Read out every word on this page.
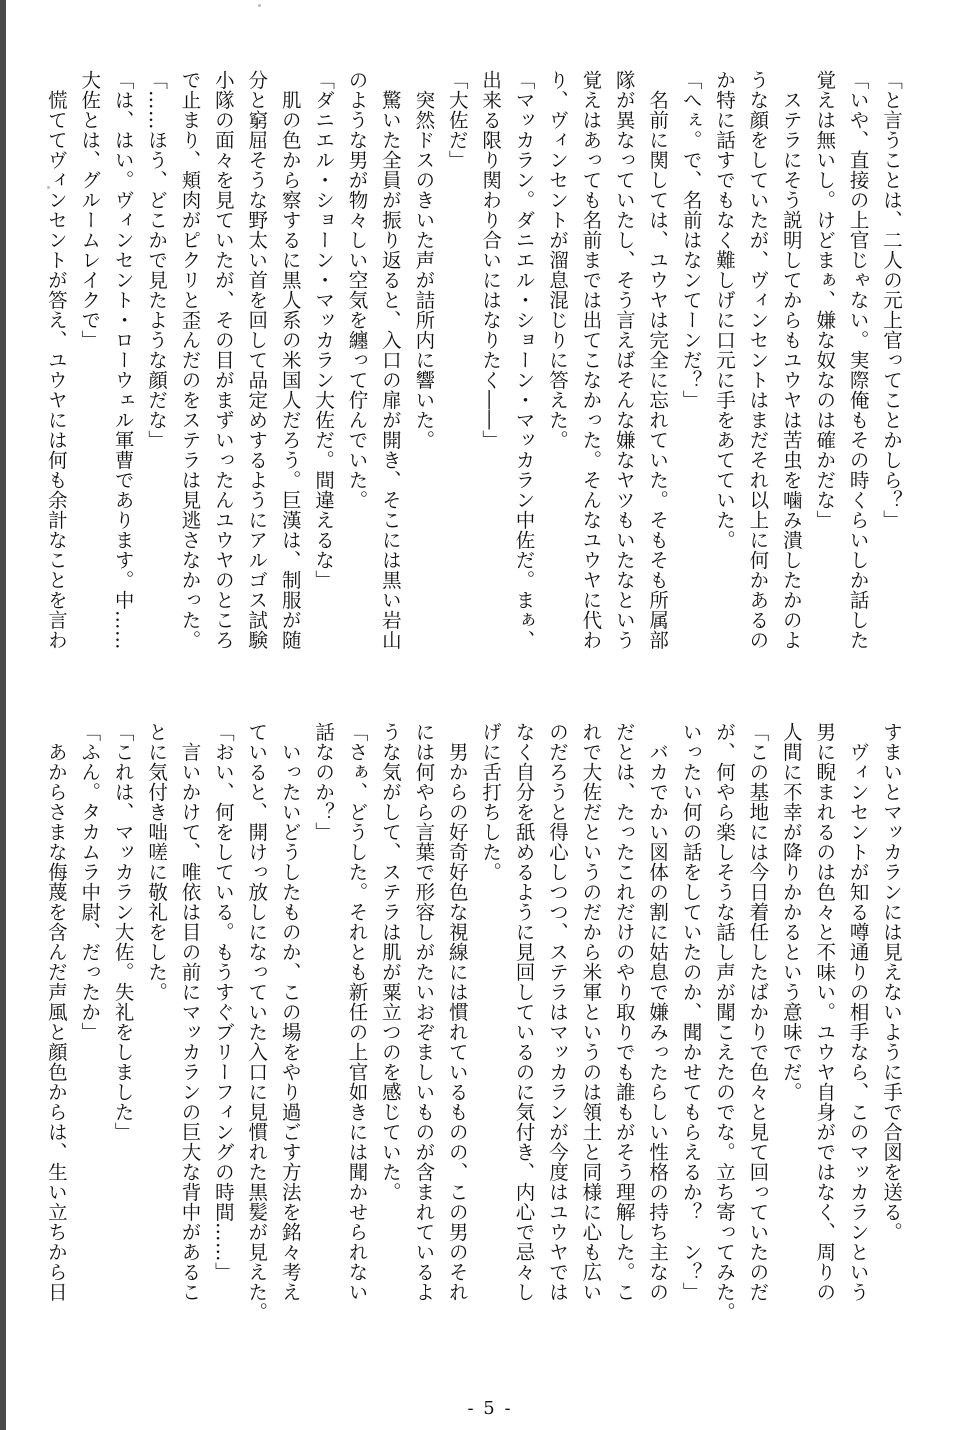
「と言うことは、二人の元上官ってことかしら？」
「いや、直接の上官じゃない。実際俺もその時くらいしか話した
覚えは無いし。けどまぁ、嫌な奴なのは確かだな」
　ステラにそう説明してからもユウヤは苦虫を噛み潰したかのよ
うな顔をしていたが、ヴィンセントはまだそれ以上に何かあるの
か特に話すでもなく難しげに口元に手をあてていた。
「へぇ。で、名前はなンてーンだ？」
　名前に関しては、ユウヤは完全に忘れていた。そもそも所属部
隊が異なっていたし、そう言えばそんな嫌なヤツもいたなという
覚えはあっても名前までは出てこなかった。そんなユウヤに代わ
り、ヴィンセントが溜息混じりに答えた。
「マッカラン。ダニエル・ショーン・マッカラン中佐だ。まぁ、
出来る限り関わり合いにはなりたく――」
「大佐だ」
　突然ドスのきいた声が詰所内に響いた。
　驚いた全員が振り返ると、入口の扉が開き、そこには黒い岩山
のような男が物々しい空気を纏って佇んでいた。
「ダニエル・ショーン・マッカラン大佐だ。間違えるな」
　肌の色から察するに黒人系の米国人だろう。巨漢は、制服が随
分と窮屈そうな野太い首を回して品定めするようにアルゴス試験
小隊の面々を見ていたが、その目がまずいったんユウヤのところ
で止まり、頬肉がピクリと歪んだのをステラは見逃さなかった。
「……ほう、どこかで見たような顔だな」
「は、はい。ヴィンセント・ローウェル軍曹であります。中……
大佐とは、グルームレイクで」
　慌ててヴィンセントが答え、ユウヤには何も余計なことを言わ
すまいとマッカランには見えないように手で合図を送る。
　ヴィンセントが知る噂通りの相手なら、このマッカランという
男に睨まれるのは色々と不味い。ユウヤ自身がではなく、周りの
人間に不幸が降りかかるという意味でだ。
「この基地には今日着任したばかりで色々と見て回っていたのだ
が、何やら楽しそうな話し声が聞こえたのでな。立ち寄ってみた。
いったい何の話をしていたのか、聞かせてもらえるか？　ン？」
　バカでかい図体の割に姑息で嫌みったらしい性格の持ち主なの
だとは、たったこれだけのやり取りでも誰もがそう理解した。こ
れで大佐だというのだから米軍というのは領土と同様に心も広い
のだろうと得心しつつ、ステラはマッカランが今度はユウヤでは
なく自分を舐めるように見回しているのに気付き、内心で忌々し
げに舌打ちした。
　男からの好奇好色な視線には慣れているものの、この男のそれ
には何やら言葉で形容しがたいおぞましいものが含まれているよ
うな気がして、ステラは肌が粟立つのを感じていた。
「さぁ、どうした。それとも新任の上官如きには聞かせられない
話なのか？」
　いったいどうしたものか、この場をやり過ごす方法を銘々考え
ていると、開けっ放しになっていた入口に見慣れた黒髪が見えた。
「おい、何をしている。もうすぐブリーフィングの時間……」
　言いかけて、唯依は目の前にマッカランの巨大な背中があるこ
とに気付き咄嗟に敬礼をした。
「これは、マッカラン大佐。失礼をしました」
「ふん。タカムラ中尉、だったか」
　あからさまな侮蔑を含んだ声風と顔色からは、生い立ちから日
- 5 -
